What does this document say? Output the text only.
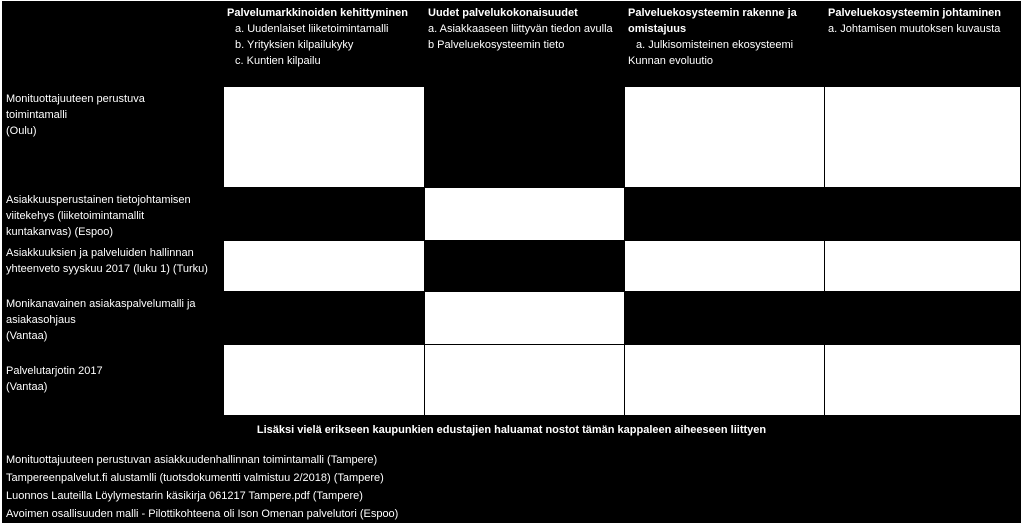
	Palvelumarkkinoiden kehittyminen
a. Uudenlaiset liiketoimintamalli
b. Yrityksien kilpailukyky
c. Kuntien kilpailu	Uudet palvelukokonaisuudet
a. Asiakkaaseen liittyvän tiedon avulla
b Palveluekosysteemin tieto	Palveluekosysteemin rakenne ja omistajuus
a. Julkisomisteinen ekosysteemi
Kunnan evoluutio	Palveluekosysteemin johtaminen
a. Johtamisen muutoksen kuvausta

Monituottajuuteen perustuva
toimintamalli
(Oulu)				

Asiakkuusperustainen tietojohtamisen
viitekehys (liiketoimintamallit
kuntakanvas) (Espoo)				

Asiakkuuksien ja palveluiden hallinnan
yhteenveto syyskuu 2017 (luku 1) (Turku)				

Monikanavainen asiakaspalvelumalli ja
asiakasohjaus
(Vantaa)				

Palvelutarjotin 2017
(Vantaa)				

Lisäksi vielä erikseen kaupunkien edustajien haluamat nostot tämän kappaleen aiheeseen liittyen				

Monituottajuuteen perustuvan asiakkuudenhallinnan toimintamalli (Tampere)				

Tampereenpalvelut.fi alustamlli (tuotsdokumentti valmistuu 2/2018) (Tampere)				

Luonnos Lauteilla Löylymestarin käsikirja 061217 Tampere.pdf (Tampere)				

Avoimen osallisuuden malli - Pilottikohteena oli Ison Omenan palvelutori (Espoo)				
